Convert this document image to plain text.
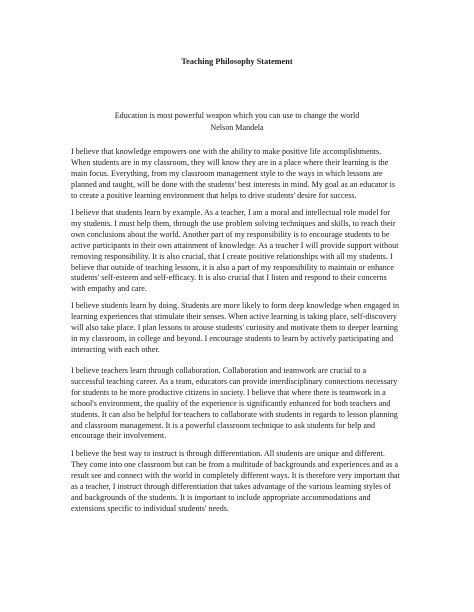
Teaching Philosophy Statement
Education is most powerful weapon which you can use to change the world
Nelson Mandela
I believe that knowledge empowers one with the ability to make positive life accomplishments.
When students are in my classroom, they will know they are in a place where their learning is the
main focus. Everything, from my classroom management style to the ways in which lessons are
planned and taught, will be done with the students' best interests in mind. My goal as an educator is
to create a positive learning environment that helps to drive students' desire for success.
I believe that students learn by example. As a teacher, I am a moral and intellectual role model for
my students. I must help them, through the use problem solving techniques and skills, to reach their
own conclusions about the world. Another part of my responsibility is to encourage students to be
active participants in their own attainment of knowledge. As a teacher I will provide support without
removing responsibility. It is also crucial, that I create positive relationships with all my students. I
believe that outside of teaching lessons, it is also a part of my responsibility to maintain or enhance
students' self-esteem and self-efficacy. It is also crucial that I listen and respond to their concerns
with empathy and care.
I believe students learn by doing. Students are more likely to form deep knowledge when engaged in
learning experiences that stimulate their senses. When active learning is taking place, self-discovery
will also take place. I plan lessons to arouse students' curiosity and motivate them to deeper learning
in my classroom, in college and beyond. I encourage students to learn by actively participating and
interacting with each other.
I believe teachers learn through collaboration. Collaboration and teamwork are crucial to a
successful teaching career. As a team, educators can provide interdisciplinary connections necessary
for students to be more productive citizens in society. I believe that where there is teamwork in a
school's environment, the quality of the experience is significantly enhanced for both teachers and
students. It can also be helpful for teachers to collaborate with students in regards to lesson planning
and classroom management. It is a powerful classroom technique to ask students for help and
encourage their involvement.
I believe the best way to instruct is through differentiation. All students are unique and different.
They come into one classroom but can be from a multitude of backgrounds and experiences and as a
result see and connect with the world in completely different ways. It is therefore very important that
as a teacher, I instruct through differentiation that takes advantage of the various learning styles of
and backgrounds of the students. It is important to include appropriate accommodations and
extensions specific to individual students' needs.
